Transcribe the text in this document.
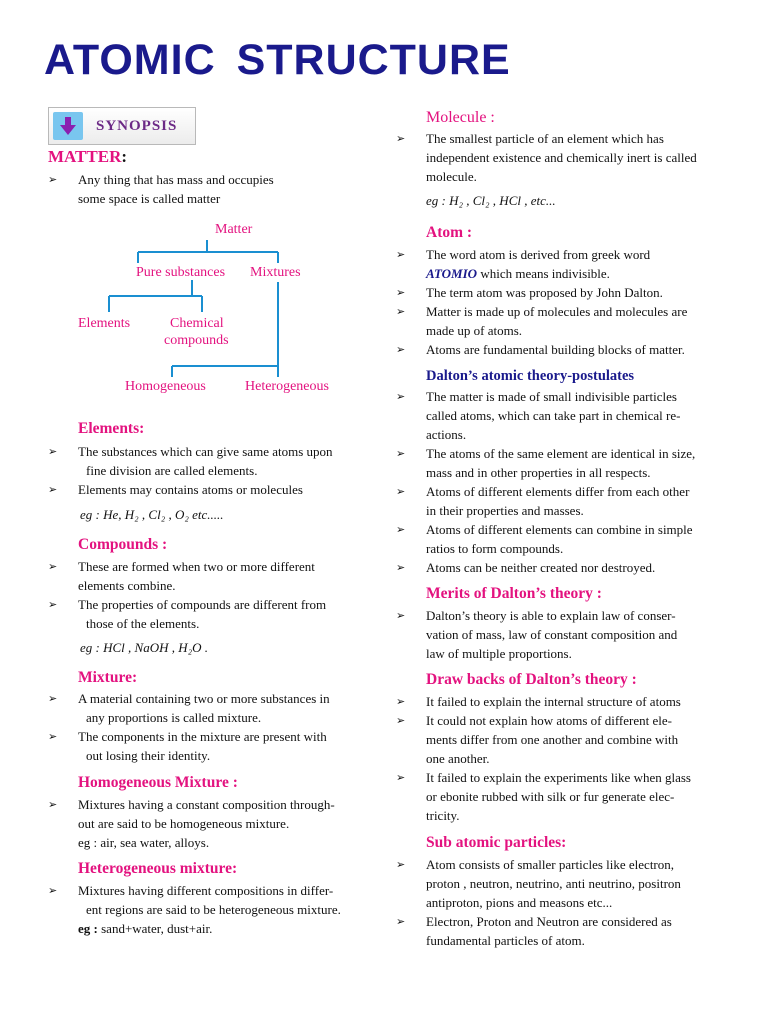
ATOMIC STRUCTURE
SYNOPSIS
MATTER:
➢ Any thing that has mass and occupies
some space is called matter
Matter
Pure substances Mixtures
Elements	Chemical
compounds
Homogeneous	Heterogeneous

Elements:

➢ The substances which can give same atoms upon
fine division are called elements.
➢ Elements may contains atoms or molecules

eg : He, H₂ , Cl₂ , O₂ etc.....

Compounds :

➢ These are formed when two or more different
elements combine.
➢ The properties of compounds are different from
those of the elements.

eg : HCl , NaOH , H₂O .

Mixture:

➢ A material containing two or more substances in
any proportions is called mixture.
➢ The components in the mixture are present with
out losing their identity.

Homogeneous Mixture :

➢ Mixtures having a constant composition through-
out are said to be homogeneous mixture.
eg : air, sea water, alloys.

Heterogeneous mixture:

➢ Mixtures having different compositions in differ-
ent regions are said to be heterogeneous mixture.
eg : sand+water, dust+air.

Molecule :

➢ The smallest particle of an element which has
independent existence and chemically inert is called
molecule.

eg : H₂ , Cl₂ , HCl , etc...

Atom :

➢ The word atom is derived from greek word
ATOMIO which means indivisible.
➢ The term atom was proposed by John Dalton.
➢ Matter is made up of molecules and molecules are
made up of atoms.
➢ Atoms are fundamental building blocks of matter.

Dalton’s atomic theory-postulates

➢ The matter is made of small indivisible particles
called atoms, which can take part in chemical re-
actions.
➢ The atoms of the same element are identical in size,
mass and in other properties in all respects.
➢ Atoms of different elements differ from each other
in their properties and masses.
➢ Atoms of different elements can combine in simple
ratios to form compounds.
➢ Atoms can be neither created nor destroyed.

Merits of Dalton’s theory :

➢ Dalton’s theory is able to explain law of conser-
vation of mass, law of constant composition and
law of multiple proportions.

Draw backs of Dalton’s theory :

➢ It failed to explain the internal structure of atoms
➢ It could not explain how atoms of different ele-
ments differ from one another and combine with
one another.
➢ It failed to explain the experiments like when glass
or ebonite rubbed with silk or fur generate elec-
tricity.

Sub atomic particles:

➢ Atom consists of smaller particles like electron,
proton , neutron, neutrino, anti neutrino, positron
antiproton, pions and measons etc...
➢ Electron, Proton and Neutron are considered as
fundamental particles of atom.
